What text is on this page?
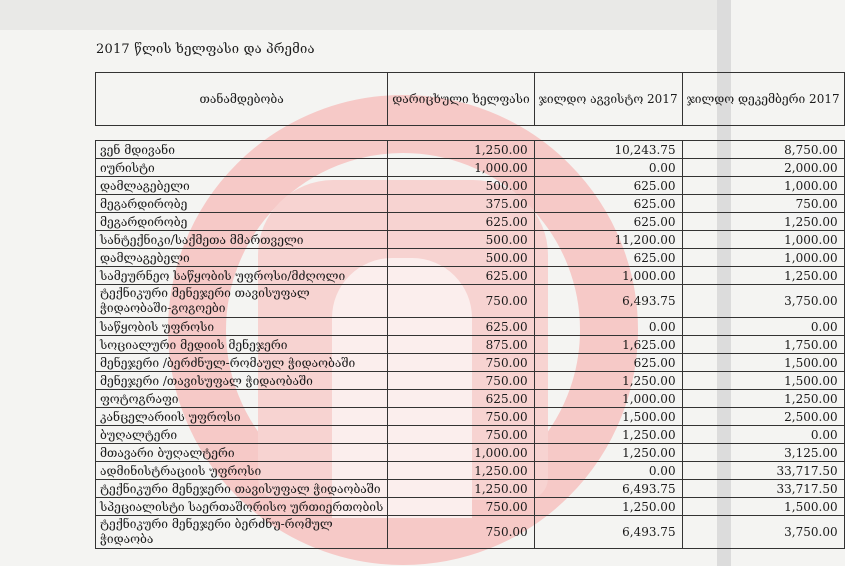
2017 წლის ხელფასი და პრემია
თანამდებობა	დარიცხული ხელფასი	ჯილდო აგვისტო 2017	ჯილდო დეკემბერი 2017

ვენ მდივანი	1,250.00	10,243.75	8,750.00
იურისტი	1,000.00	0.00	2,000.00
დამლაგებელი	500.00	625.00	1,000.00
მეგარდირობე	375.00	625.00	750.00
მეგარდირობე	625.00	625.00	1,250.00
სანტექნიკი/საქმეთა მმართველი	500.00	11,200.00	1,000.00
დამლაგებელი	500.00	625.00	1,000.00
სამეურნეო საწყობის უფროსი/მძღოლი	625.00	1,000.00	1,250.00
ტექნიკური მენეჯერი თავისუფალ ჭიდაობაში-გოგოები	750.00	6,493.75	3,750.00
საწყობის უფროსი	625.00	0.00	0.00
სოციალური მედიის მენეჯერი	875.00	1,625.00	1,750.00
მენეჯერი /ბერძნულ-რომაულ ჭიდაობაში	750.00	625.00	1,500.00
მენეჯერი /თავისუფალ ჭიდაობაში	750.00	1,250.00	1,500.00
ფოტოგრაფი	625.00	1,000.00	1,250.00
კანცელარიის უფროსი	750.00	1,500.00	2,500.00
ბუღალტერი	750.00	1,250.00	0.00
მთავარი ბუღალტერი	1,000.00	1,250.00	3,125.00
ადმინისტრაციის უფროსი	1,250.00	0.00	33,717.50
ტექნიკური მენეჯერი თავისუფალ ჭიდაობაში	1,250.00	6,493.75	33,717.50
სპეციალისტი საერთაშორისო ურთიერთობის	750.00	1,250.00	1,500.00
ტექნიკური მენეჯერი ბერძნუ-რომულ ჭიდაობა	750.00	6,493.75	3,750.00
